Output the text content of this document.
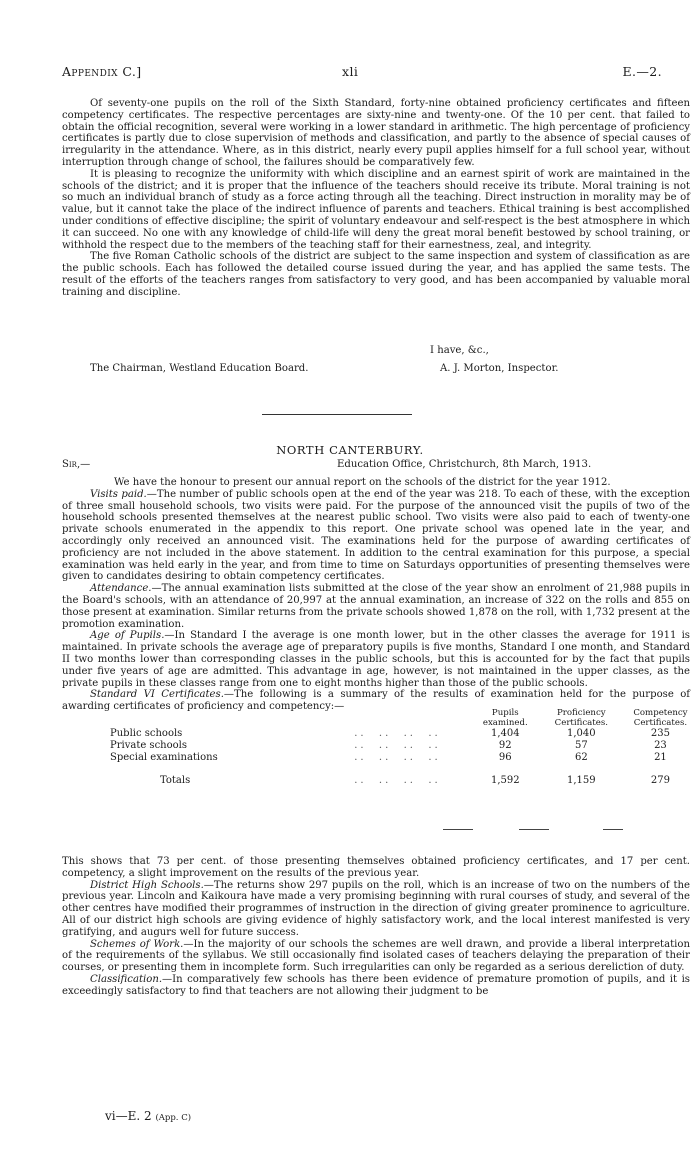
Appendix C.]	xli	E.—2.

Of seventy-one pupils on the roll of the Sixth Standard, forty-nine obtained proficiency certificates and fifteen competency certificates. The respective percentages are sixty-nine and twenty-one. Of the 10 per cent. that failed to obtain the official recognition, several were working in a lower standard in arithmetic. The high percentage of proficiency certificates is partly due to close supervision of methods and classification, and partly to the absence of special causes of irregularity in the attendance. Where, as in this district, nearly every pupil applies himself for a full school year, without interruption through change of school, the failures should be comparatively few.

It is pleasing to recognize the uniformity with which discipline and an earnest spirit of work are maintained in the schools of the district; and it is proper that the influence of the teachers should receive its tribute. Moral training is not so much an individual branch of study as a force acting through all the teaching. Direct instruction in morality may be of value, but it cannot take the place of the indirect influence of parents and teachers. Ethical training is best accomplished under conditions of effective discipline; the spirit of voluntary endeavour and self-respect is the best atmosphere in which it can succeed. No one with any knowledge of child-life will deny the great moral benefit bestowed by school training, or withhold the respect due to the members of the teaching staff for their earnestness, zeal, and integrity.

The five Roman Catholic schools of the district are subject to the same inspection and system of classification as are the public schools. Each has followed the detailed course issued during the year, and has applied the same tests. The result of the efforts of the teachers ranges from satisfactory to very good, and has been accompanied by valuable moral training and discipline.

I have, &c.,
The Chairman, Westland Education Board.	A. J. Morton, Inspector.
NORTH CANTERBURY.
Sir,—	Education Office, Christchurch, 8th March, 1913.

We have the honour to present our annual report on the schools of the district for the year 1912.

Visits paid.—The number of public schools open at the end of the year was 218. To each of these, with the exception of three small household schools, two visits were paid. For the purpose of the announced visit the pupils of two of the household schools presented themselves at the nearest public school. Two visits were also paid to each of twenty-one private schools enumerated in the appendix to this report. One private school was opened late in the year, and accordingly only received an announced visit. The examinations held for the purpose of awarding certificates of proficiency are not included in the above statement. In addition to the central examination for this purpose, a special examination was held early in the year, and from time to time on Saturdays opportunities of presenting themselves were given to candidates desiring to obtain competency certificates.

Attendance.—The annual examination lists submitted at the close of the year show an enrolment of 21,988 pupils in the Board's schools, with an attendance of 20,997 at the annual examination, an increase of 322 on the rolls and 855 on those present at examination. Similar returns from the private schools showed 1,878 on the roll, with 1,732 present at the promotion examination.

Age of Pupils.—In Standard I the average is one month lower, but in the other classes the average for 1911 is maintained. In private schools the average age of preparatory pupils is five months, Standard I one month, and Standard II two months lower than corresponding classes in the public schools, but this is accounted for by the fact that pupils under five years of age are admitted. This advantage in age, however, is not maintained in the upper classes, as the private pupils in these classes range from one to eight months higher than those of the public schools.

Standard VI Certificates.—The following is a summary of the results of examination held for the purpose of awarding certificates of proficiency and competency:—

		Pupils examined.	Proficiency Certificates.	Competency Certificates.
Public schools	..  ..  ..  ..	1,404	1,040	235
Private schools	..  ..  ..  ..	92	57	23
Special examinations	..  ..  ..  ..	96	62	21
Totals	..  ..  ..  ..	1,592	1,159	279

This shows that 73 per cent. of those presenting themselves obtained proficiency certificates, and 17 per cent. competency, a slight improvement on the results of the previous year.

District High Schools.—The returns show 297 pupils on the roll, which is an increase of two on the numbers of the previous year. Lincoln and Kaikoura have made a very promising beginning with rural courses of study, and several of the other centres have modified their programmes of instruction in the direction of giving greater prominence to agriculture. All of our district high schools are giving evidence of highly satisfactory work, and the local interest manifested is very gratifying, and augurs well for future success.

Schemes of Work.—In the majority of our schools the schemes are well drawn, and provide a liberal interpretation of the requirements of the syllabus. We still occasionally find isolated cases of teachers delaying the preparation of their courses, or presenting them in incomplete form. Such irregularities can only be regarded as a serious dereliction of duty.

Classification.—In comparatively few schools has there been evidence of premature promotion of pupils, and it is exceedingly satisfactory to find that teachers are not allowing their judgment to be

vi—E. 2 (App. C)
